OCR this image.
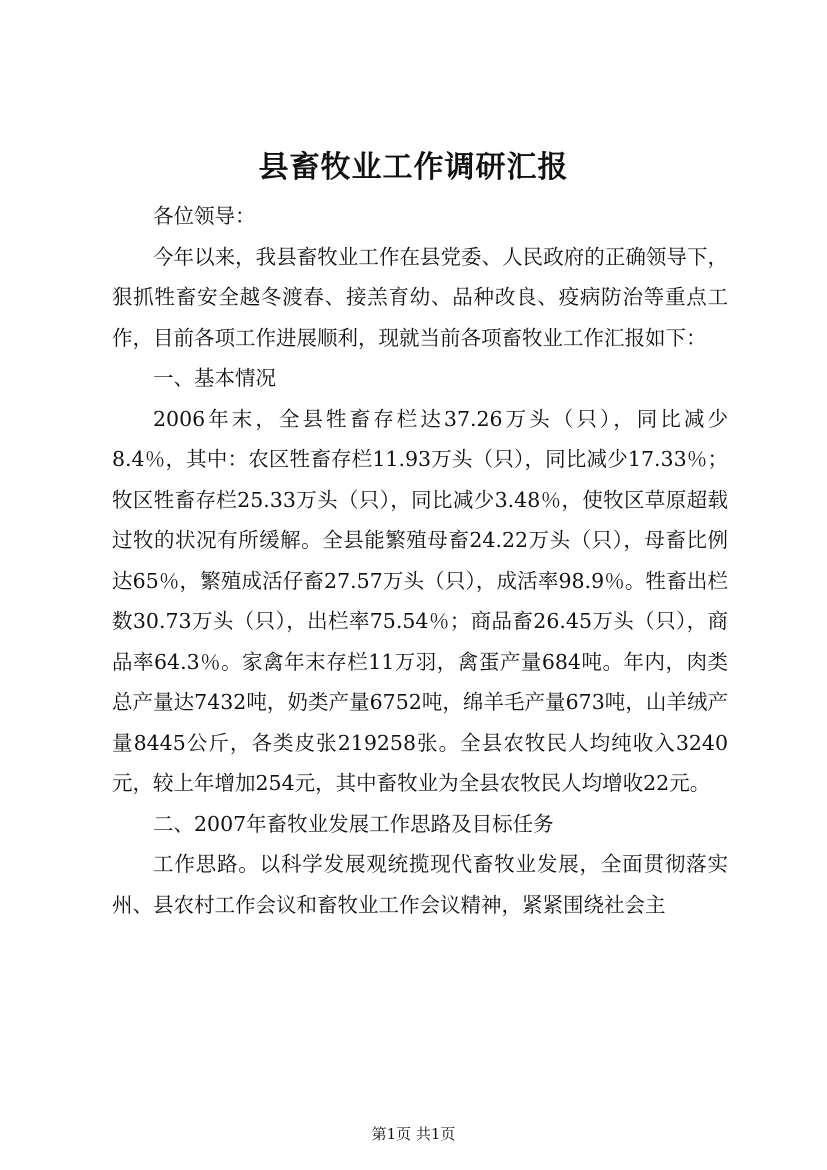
县畜牧业工作调研汇报

各位领导：

今年以来，我县畜牧业工作在县党委、人民政府的正确领导下，狠抓牲畜安全越冬渡春、接羔育幼、品种改良、疫病防治等重点工作，目前各项工作进展顺利，现就当前各项畜牧业工作汇报如下：

一、基本情况

2006年末，全县牲畜存栏达37.26万头（只），同比减少8.4％，其中：农区牲畜存栏11.93万头（只），同比减少17.33％；牧区牲畜存栏25.33万头（只），同比减少3.48％，使牧区草原超载过牧的状况有所缓解。全县能繁殖母畜24.22万头（只），母畜比例达65％，繁殖成活仔畜27.57万头（只），成活率98.9％。牲畜出栏数30.73万头（只），出栏率75.54％；商品畜26.45万头（只），商品率64.3％。家禽年末存栏11万羽，禽蛋产量684吨。年内，肉类总产量达7432吨，奶类产量6752吨，绵羊毛产量673吨，山羊绒产量8445公斤，各类皮张219258张。全县农牧民人均纯收入3240元，较上年增加254元，其中畜牧业为全县农牧民人均增收22元。

二、2007年畜牧业发展工作思路及目标任务

工作思路。以科学发展观统揽现代畜牧业发展，全面贯彻落实州、县农村工作会议和畜牧业工作会议精神，紧紧围绕社会主

第1页 共1页
